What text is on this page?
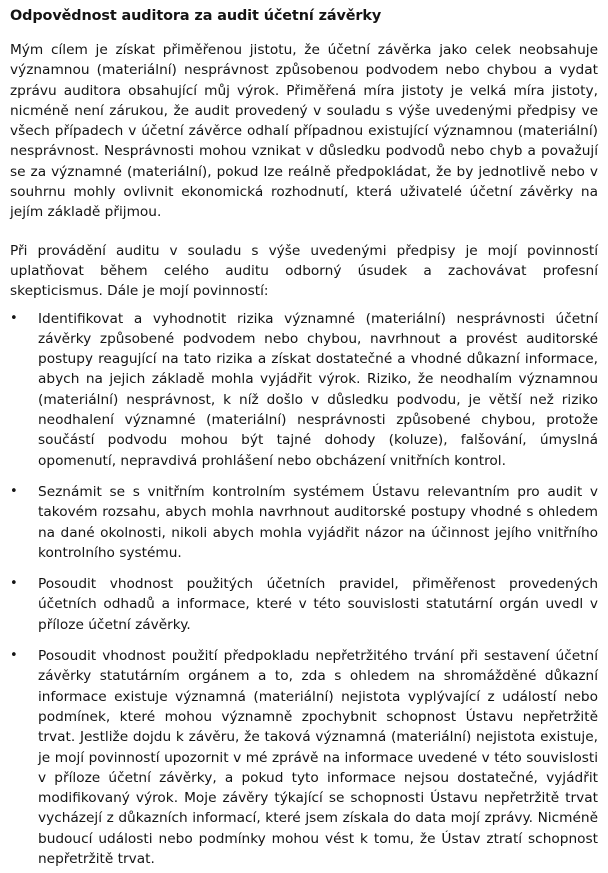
Odpovědnost auditora za audit účetní závěrky

Mým cílem je získat přiměřenou jistotu, že účetní závěrka jako celek neobsahuje významnou (materiální) nesprávnost způsobenou podvodem nebo chybou a vydat zprávu auditora obsahující můj výrok. Přiměřená míra jistoty je velká míra jistoty, nicméně není zárukou, že audit provedený v souladu s výše uvedenými předpisy ve všech případech v účetní závěrce odhalí případnou existující významnou (materiální) nesprávnost. Nesprávnosti mohou vznikat v důsledku podvodů nebo chyb a považují se za významné (materiální), pokud lze reálně předpokládat, že by jednotlivě nebo v souhrnu mohly ovlivnit ekonomická rozhodnutí, která uživatelé účetní závěrky na jejím základě přijmou.

Při provádění auditu v souladu s výše uvedenými předpisy je mojí povinností uplatňovat během celého auditu odborný úsudek a zachovávat profesní skepticismus. Dále je mojí povinností:

• Identifikovat a vyhodnotit rizika významné (materiální) nesprávnosti účetní závěrky způsobené podvodem nebo chybou, navrhnout a provést auditorské postupy reagující na tato rizika a získat dostatečné a vhodné důkazní informace, abych na jejich základě mohla vyjádřit výrok. Riziko, že neodhalím významnou (materiální) nesprávnost, k níž došlo v důsledku podvodu, je větší než riziko neodhalení významné (materiální) nesprávnosti způsobené chybou, protože součástí podvodu mohou být tajné dohody (koluze), falšování, úmyslná opomenutí, nepravdivá prohlášení nebo obcházení vnitřních kontrol.
• Seznámit se s vnitřním kontrolním systémem Ústavu relevantním pro audit v takovém rozsahu, abych mohla navrhnout auditorské postupy vhodné s ohledem na dané okolnosti, nikoli abych mohla vyjádřit názor na účinnost jejího vnitřního kontrolního systému.
• Posoudit vhodnost použitých účetních pravidel, přiměřenost provedených účetních odhadů a informace, které v této souvislosti statutární orgán uvedl v příloze účetní závěrky.
• Posoudit vhodnost použití předpokladu nepřetržitého trvání při sestavení účetní závěrky statutárním orgánem a to, zda s ohledem na shromážděné důkazní informace existuje významná (materiální) nejistota vyplývající z událostí nebo podmínek, které mohou významně zpochybnit schopnost Ústavu nepřetržitě trvat. Jestliže dojdu k závěru, že taková významná (materiální) nejistota existuje, je mojí povinností upozornit v mé zprávě na informace uvedené v této souvislosti v příloze účetní závěrky, a pokud tyto informace nejsou dostatečné, vyjádřit modifikovaný výrok. Moje závěry týkající se schopnosti Ústavu nepřetržitě trvat vycházejí z důkazních informací, které jsem získala do data mojí zprávy. Nicméně budoucí události nebo podmínky mohou vést k tomu, že Ústav ztratí schopnost nepřetržitě trvat.
